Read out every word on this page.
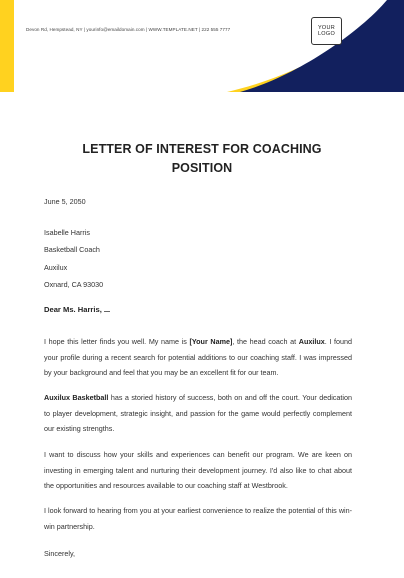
Devon Rd, Hempstead, NY | yourinfo@emaildomain.com | WWW.TEMPLATE.NET | 222 555 7777	YOUR
LOGO
LETTER OF INTEREST FOR COACHING
POSITION
June 5, 2050
Isabelle Harris
Basketball Coach
Auxilux
Oxnard, CA 93030
Dear Ms. Harris,
I hope this letter finds you well. My name is [Your Name], the head coach at Auxilux. I found your profile during a recent search for potential additions to our coaching staff. I was impressed by your background and feel that you may be an excellent fit for our team.
Auxilux Basketball has a storied history of success, both on and off the court. Your dedication to player development, strategic insight, and passion for the game would perfectly complement our existing strengths.
I want to discuss how your skills and experiences can benefit our program. We are keen on investing in emerging talent and nurturing their development journey. I'd also like to chat about the opportunities and resources available to our coaching staff at Westbrook.
I look forward to hearing from you at your earliest convenience to realize the potential of this win-win partnership.
Sincerely,
